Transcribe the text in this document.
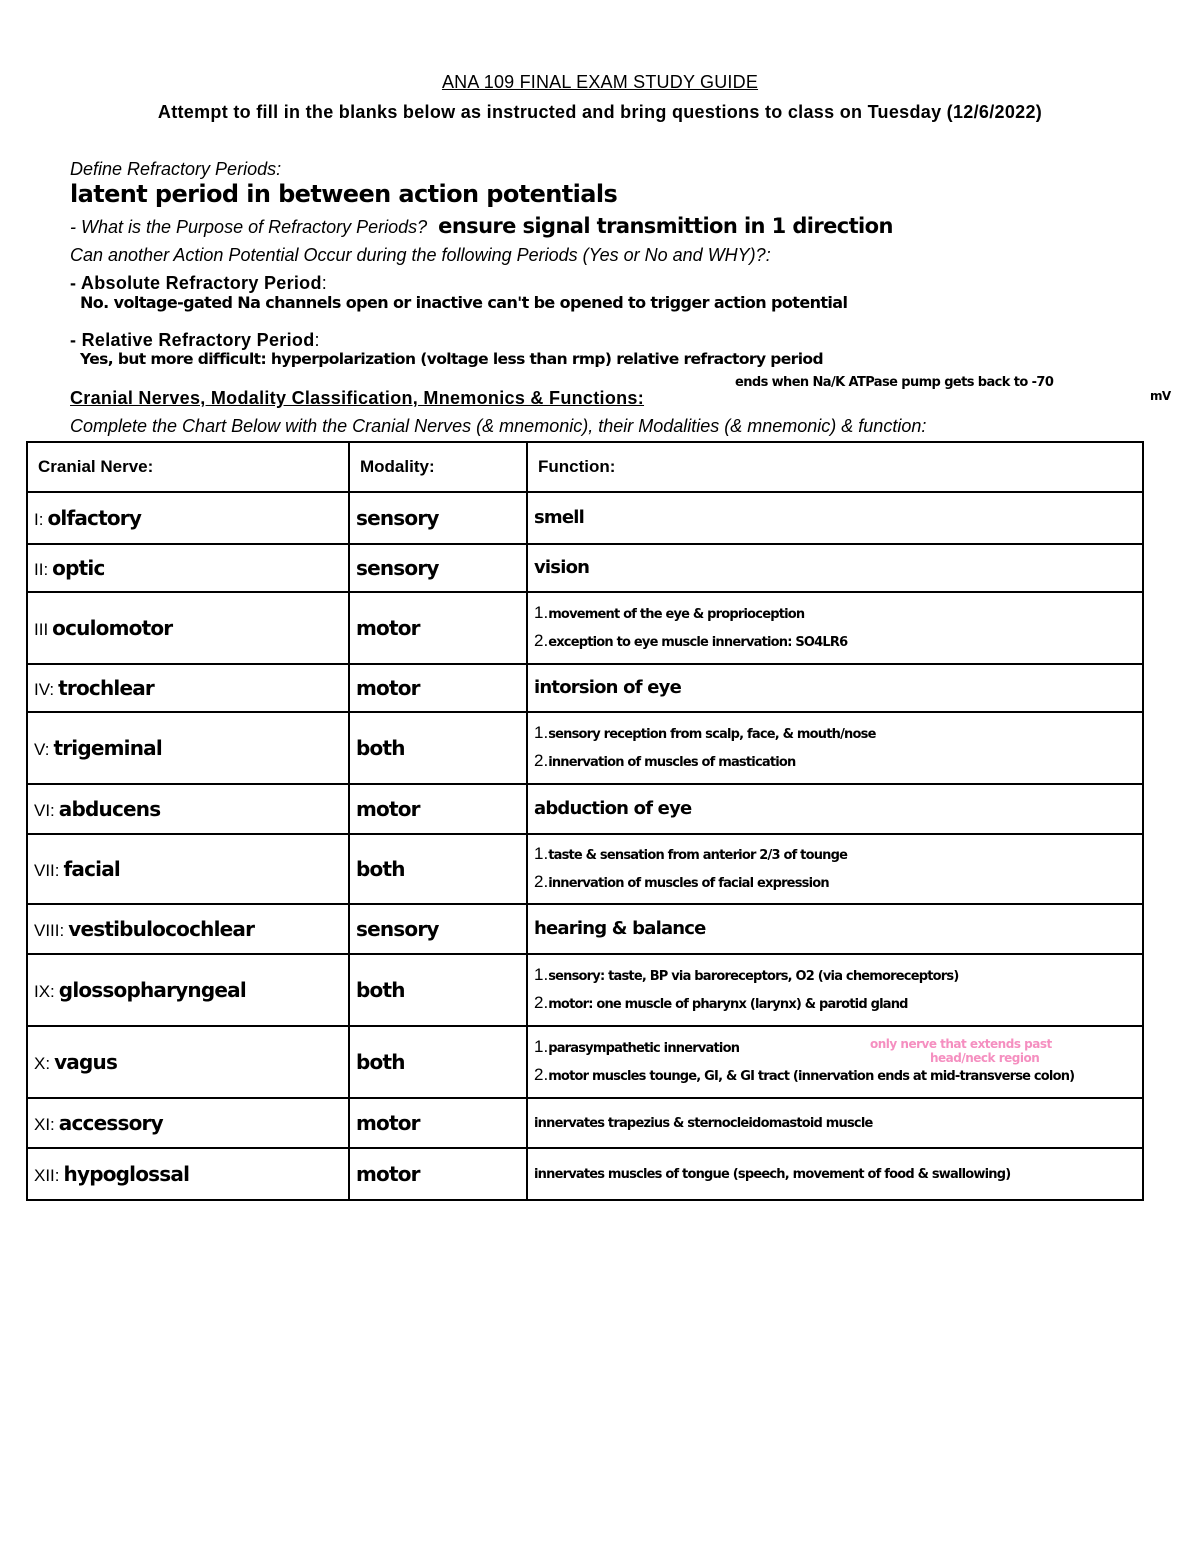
ANA 109 FINAL EXAM STUDY GUIDE
Attempt to fill in the blanks below as instructed and bring questions to class on Tuesday (12/6/2022)
Define Refractory Periods:
latent period in between action potentials
- What is the Purpose of Refractory Periods? ensure signal transmittion in 1 direction
Can another Action Potential Occur during the following Periods (Yes or No and WHY)?:
- Absolute Refractory Period:
No. voltage-gated Na channels open or inactive can't be opened to trigger action potential
- Relative Refractory Period:
Yes, but more difficult: hyperpolarization (voltage less than rmp) relative refractory period
ends when Na/K ATPase pump gets back to -70
mV
Cranial Nerves, Modality Classification, Mnemonics & Functions:
Complete the Chart Below with the Cranial Nerves (& mnemonic), their Modalities (& mnemonic) & function:
Cranial Nerve:	Modality:	Function:
I: olfactory	sensory	smell

II: optic	sensory	vision

III oculomotor	motor	1.movement of the eye & proprioception
2.exception to eye muscle innervation: SO4LR6

IV: trochlear	motor	intorsion of eye

V: trigeminal	both	1.sensory reception from scalp, face, & mouth/nose
2.innervation of muscles of mastication

VI: abducens	motor	abduction of eye

VII: facial	both	1.taste & sensation from anterior 2/3 of tounge
2.innervation of muscles of facial expression

VIII: vestibulocochlear	sensory	hearing & balance

IX: glossopharyngeal	both	1.sensory: taste, BP via baroreceptors, O2 (via chemoreceptors)
2.motor: one muscle of pharynx (larynx) & parotid gland

X: vagus	both	1.parasympathetic innervation
2.motor muscles tounge, GI, & GI tract (innervation ends at mid-transverse colon)

XI: accessory	motor	innervates trapezius & sternocleidomastoid muscle

XII: hypoglossal	motor	innervates muscles of tongue (speech, movement of food & swallowing)
only nerve that extends past
head/neck region
